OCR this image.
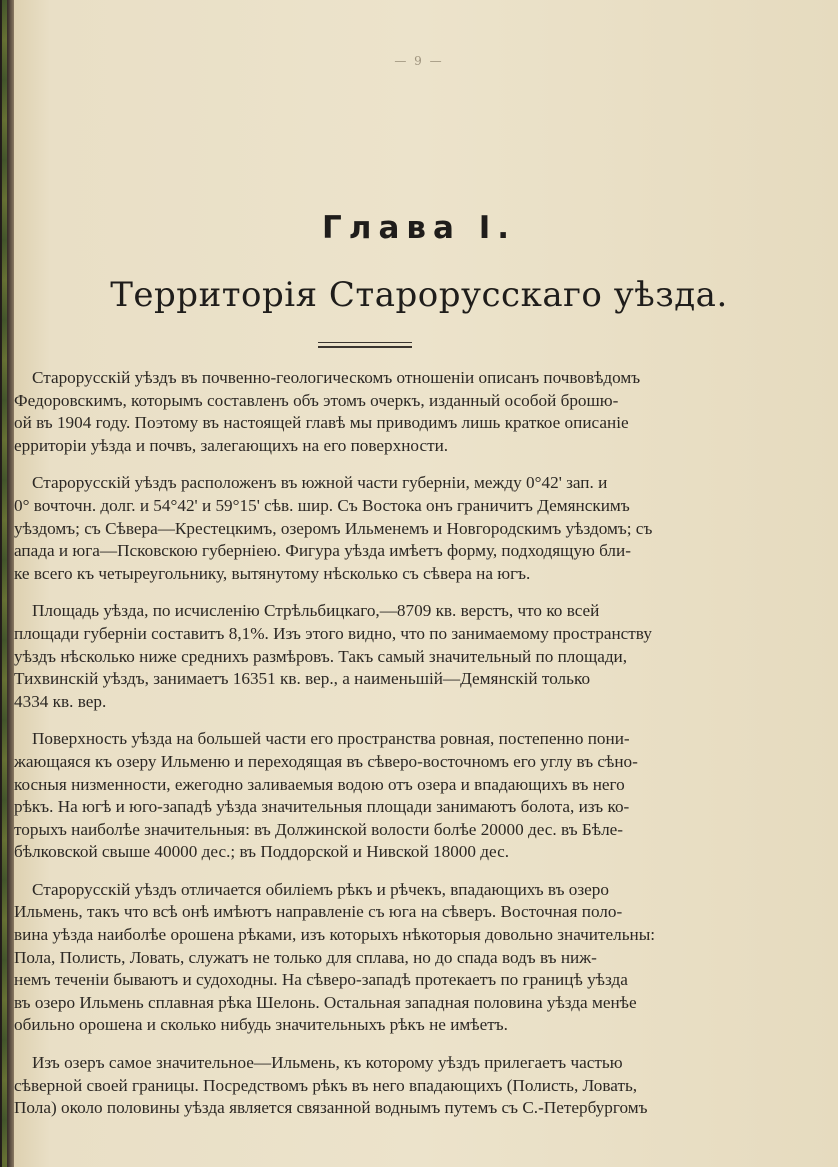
— 9 —
Глава I.
Территорія Старорусскаго уѣзда.
Старорусскій уѣздъ въ почвенно-геологическомъ отношеніи описанъ почвовѣдомъ
Федоровскимъ, которымъ составленъ объ этомъ очеркъ, изданный особой брошю-
ой въ 1904 году. Поэтому въ настоящей главѣ мы приводимъ лишь краткое описаніе
ерриторіи уѣзда и почвъ, залегающихъ на его поверхности.
Старорусскій уѣздъ расположенъ въ южной части губерніи, между 0°42' зап. и
0° вочточн. долг. и 54°42' и 59°15' сѣв. шир. Съ Востока онъ граничитъ Демянскимъ
уѣздомъ; съ Сѣвера—Крестецкимъ, озеромъ Ильменемъ и Новгородскимъ уѣздомъ; съ
апада и юга—Псковскою губерніею. Фигура уѣзда имѣетъ форму, подходящую бли-
ке всего къ четыреугольнику, вытянутому нѣсколько съ сѣвера на югъ.
Площадь уѣзда, по исчисленію Стрѣльбицкаго,—8709 кв. верстъ, что ко всей
площади губерніи составитъ 8,1%. Изъ этого видно, что по занимаемому пространству
уѣздъ нѣсколько ниже среднихъ размѣровъ. Такъ самый значительный по площади,
Тихвинскій уѣздъ, занимаетъ 16351 кв. вер., а наименьшій—Демянскій только
4334 кв. вер.
Поверхность уѣзда на большей части его пространства ровная, постепенно пони-
жающаяся къ озеру Ильменю и переходящая въ сѣверо-восточномъ его углу въ сѣно-
косныя низменности, ежегодно заливаемыя водою отъ озера и впадающихъ въ него
рѣкъ. На югѣ и юго-западѣ уѣзда значительныя площади занимаютъ болота, изъ ко-
торыхъ наиболѣе значительныя: въ Должинской волости болѣе 20000 дес. въ Бѣле-
бѣлковской свыше 40000 дес.; въ Поддорской и Нивской 18000 дес.
Старорусскій уѣздъ отличается обиліемъ рѣкъ и рѣчекъ, впадающихъ въ озеро
Ильмень, такъ что всѣ онѣ имѣютъ направленіе съ юга на сѣверъ. Восточная поло-
вина уѣзда наиболѣе орошена рѣками, изъ которыхъ нѣкоторыя довольно значительны:
Пола, Полисть, Ловать, служатъ не только для сплава, но до спада водъ въ ниж-
немъ теченіи бываютъ и судоходны. На сѣверо-западѣ протекаетъ по границѣ уѣзда
въ озеро Ильмень сплавная рѣка Шелонь. Остальная западная половина уѣзда менѣе
обильно орошена и сколько нибудь значительныхъ рѣкъ не имѣетъ.
Изъ озеръ самое значительное—Ильмень, къ которому уѣздъ прилегаетъ частью
сѣверной своей границы. Посредствомъ рѣкъ въ него впадающихъ (Полисть, Ловать,
Пола) около половины уѣзда является связанной воднымъ путемъ съ С.-Петербургомъ
